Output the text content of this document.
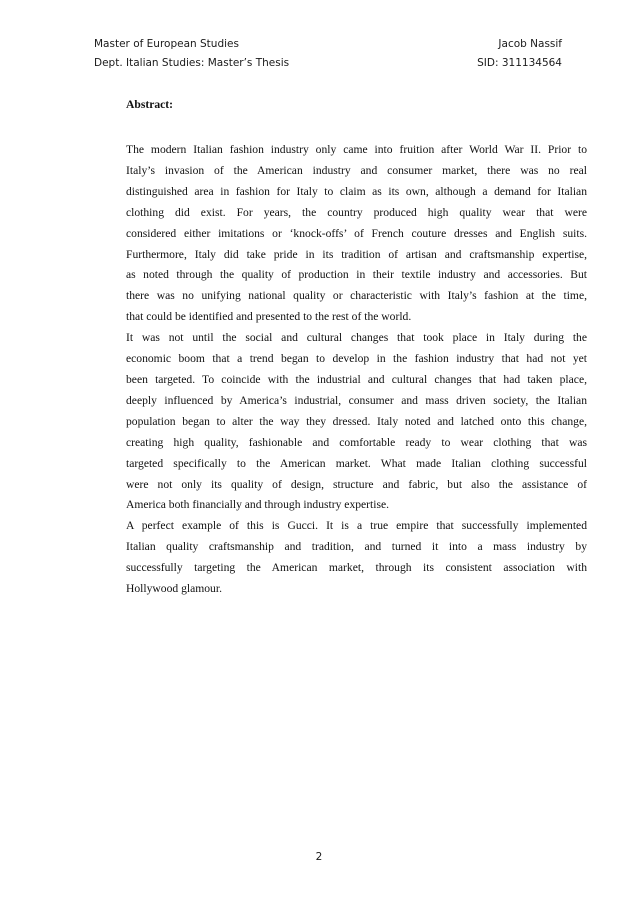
Master of European Studies	Jacob Nassif
Dept. Italian Studies: Master’s Thesis	SID: 311134564
Abstract:

The modern Italian fashion industry only came into fruition after World War II. Prior to
Italy’s invasion of the American industry and consumer market, there was no real
distinguished area in fashion for Italy to claim as its own, although a demand for Italian
clothing did exist. For years, the country produced high quality wear that were
considered either imitations or ‘knock-offs’ of French couture dresses and English suits.
Furthermore, Italy did take pride in its tradition of artisan and craftsmanship expertise,
as noted through the quality of production in their textile industry and accessories. But
there was no unifying national quality or characteristic with Italy’s fashion at the time,
that could be identified and presented to the rest of the world.

It was not until the social and cultural changes that took place in Italy during the
economic boom that a trend began to develop in the fashion industry that had not yet
been targeted. To coincide with the industrial and cultural changes that had taken place,
deeply influenced by America’s industrial, consumer and mass driven society, the Italian
population began to alter the way they dressed. Italy noted and latched onto this change,
creating high quality, fashionable and comfortable ready to wear clothing that was
targeted specifically to the American market. What made Italian clothing successful
were not only its quality of design, structure and fabric, but also the assistance of
America both financially and through industry expertise.

A perfect example of this is Gucci. It is a true empire that successfully implemented
Italian quality craftsmanship and tradition, and turned it into a mass industry by
successfully targeting the American market, through its consistent association with
Hollywood glamour.

2
